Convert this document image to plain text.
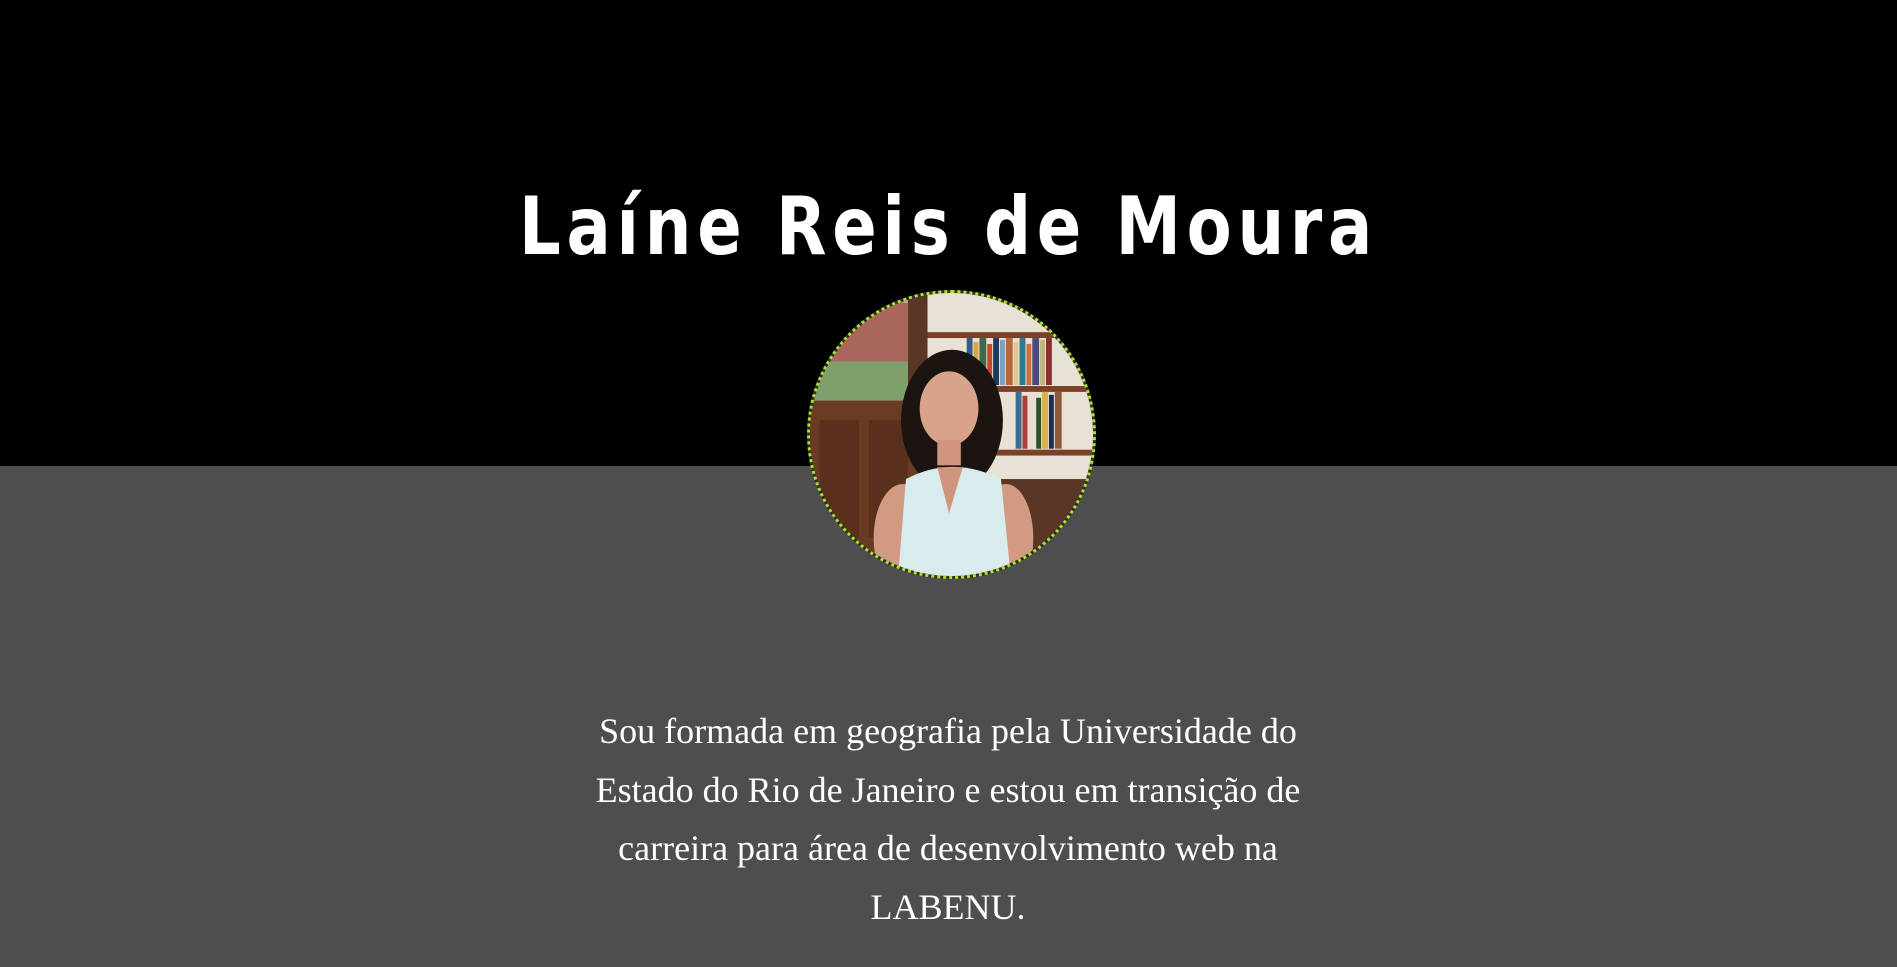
Laíne Reis de Moura

Sou formada em geografia pela Universidade do Estado do Rio de Janeiro e estou em transição de carreira para área de desenvolvimento web na LABENU.
